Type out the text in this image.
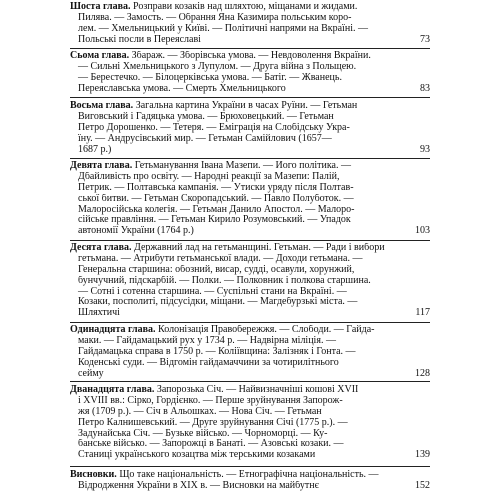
Шоста глава. Розправи козаків над шляхтою, міщанами и жидами.
Пилява. — Замость. — Обрання Яна Казимира польським коро-
лем. — Хмельницький у Київі. — Політичні напрями на Вкраїні. —
Польські посли в Переяславі	73
Сьома глава. Збараж. — Зборівська умова. — Невдоволення Вкраїни.
— Сильні Хмельницького з Лупулом. — Друга війна з Польщею.
— Берестечко. — Білоцерківська умова. — Батіг. — Жванець.
Переяславська умова. — Смерть Хмельницького	83
Восьма глава. Загальна картина України в часах Руїни. — Гетьман
Виговський і Гадяцька умова. — Брюховецький. — Гетьман
Петро Дорошенко. — Тетеря. — Еміграція на Слобідську Укра-
їну. — Андрусівський мир. — Гетьман Самійлович (1657—
1687 р.)	93
Девята глава. Гетьманування Івана Мазепи. — Його політика. —
Дбайливість про освіту. — Народні реакції за Мазепи: Палій,
Петрик. — Полтавська кампанія. — Утиски уряду після Полтав-
ської битви. — Гетьман Скоропадський. — Павло Полуботок. —
Малоросійська колегія. — Гетьман Данило Апостол. — Малоро-
сійське правління. — Гетьман Кирило Розумовський. — Упадок
автономії України (1764 р.)	103
Десята глава. Державний лад на гетьманщині. Гетьман. — Ради і вибори
гетьмана. — Атрибути гетьманської влади. — Доходи гетьмана. —
Генеральна старшина: обозний, висар, судді, осавули, хорунжий,
бунчучний, підскарбій. — Полки. — Полковник і полкова старшина.
— Сотні і сотенна старшина. — Суспільні стани на Вкраїні. —
Козаки, посполиті, підсусідки, міщани. — Магдебурзькі міста. —
Шляхтичі	117
Одинадцята глава. Колонізація Правобережжя. — Слободи. — Гайда-
маки. — Гайдамацький рух у 1734 р. — Надвірна міліція. —
Гайдамацька справа в 1750 р. — Коліївщина: Залізняк і Гонта. —
Коденські суди. — Відгомін гайдамаччини за чотирилітнього
сейму	128
Дванадцята глава. Запорозька Січ. — Найвизначніші кошові XVII
і XVIII вв.: Сірко, Гордієнко. — Перше зруйнування Запорож-
жя (1709 р.). — Січ в Альошках. — Нова Січ. — Гетьман
Петро Калнишевський. — Друге зруйнування Січі (1775 р.). —
Задунайська Січ. — Бузьке військо. — Чорноморці. — Ку-
банське військо. — Запорожці в Банаті. — Азовські козаки. —
Станиці українського козацтва між терськими козаками	139
Висновки. Що таке національність. — Етнографічна національність. —
Відродження України в XIX в. — Висновки на майбутнє	152
